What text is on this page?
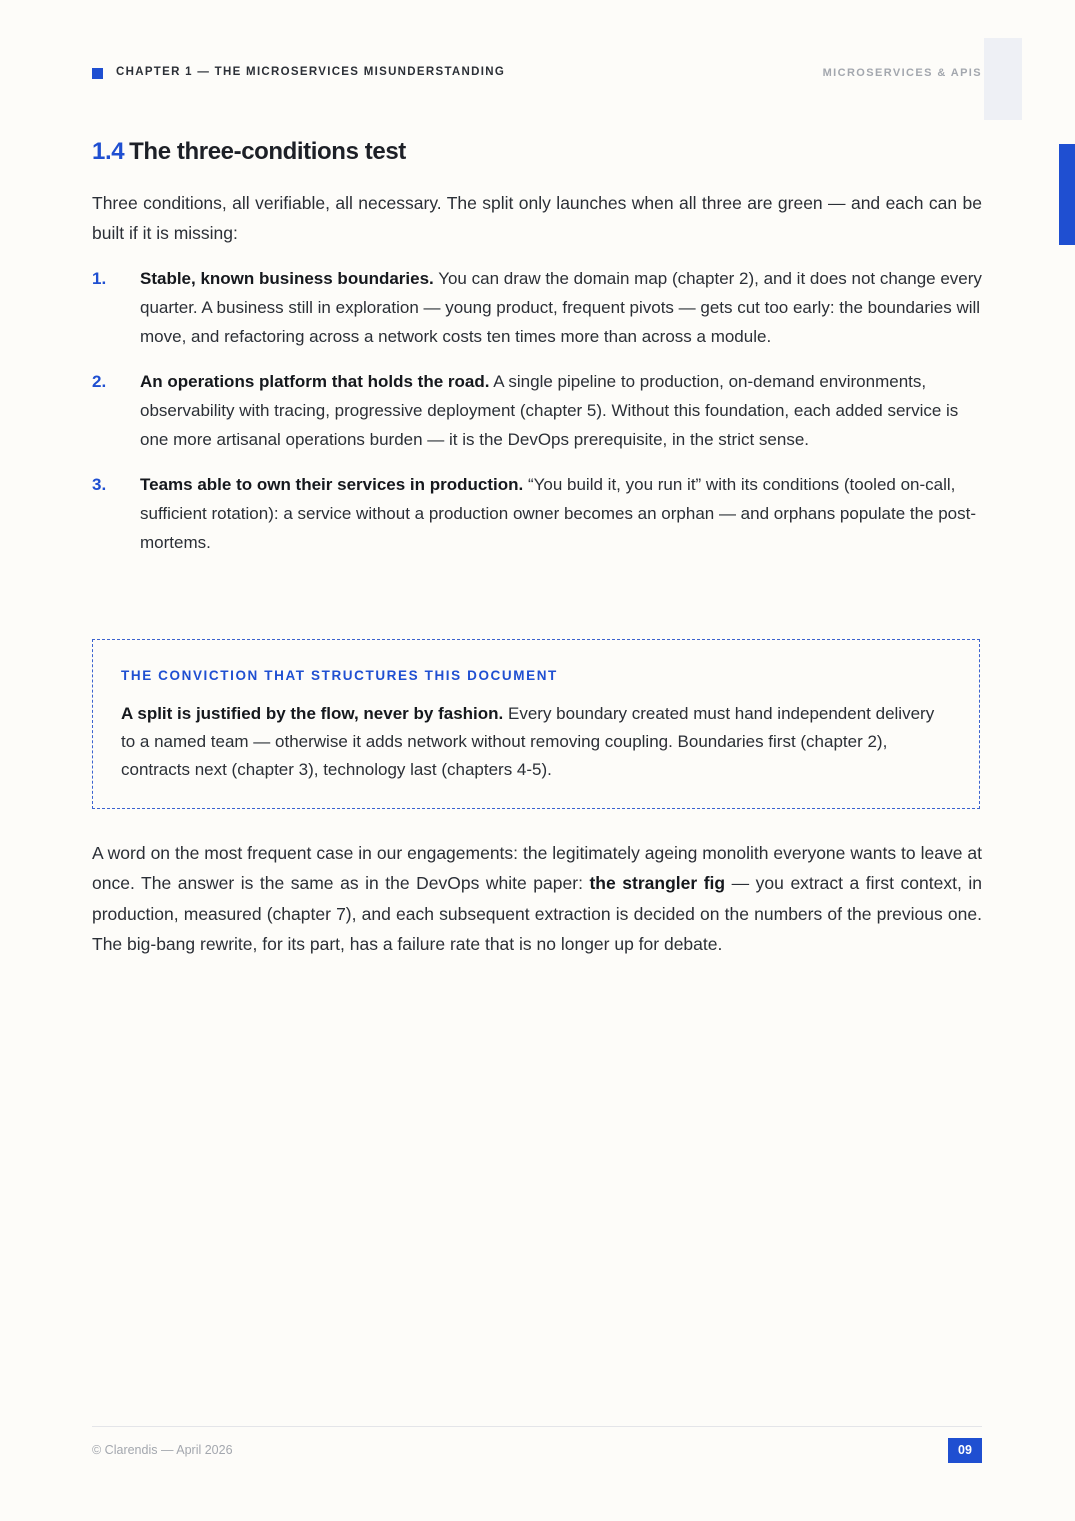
CHAPTER 1 — THE MICROSERVICES MISUNDERSTANDING	MICROSERVICES & APIS
1.4 The three-conditions test
Three conditions, all verifiable, all necessary. The split only launches when all three are green — and each can be built if it is missing:
1. Stable, known business boundaries. You can draw the domain map (chapter 2), and it does not change every quarter. A business still in exploration — young product, frequent pivots — gets cut too early: the boundaries will move, and refactoring across a network costs ten times more than across a module.
2. An operations platform that holds the road. A single pipeline to production, on-demand environments, observability with tracing, progressive deployment (chapter 5). Without this foundation, each added service is one more artisanal operations burden — it is the DevOps prerequisite, in the strict sense.
3. Teams able to own their services in production. “You build it, you run it” with its conditions (tooled on-call, sufficient rotation): a service without a production owner becomes an orphan — and orphans populate the post-mortems.
THE CONVICTION THAT STRUCTURES THIS DOCUMENT
A split is justified by the flow, never by fashion. Every boundary created must hand independent delivery to a named team — otherwise it adds network without removing coupling. Boundaries first (chapter 2), contracts next (chapter 3), technology last (chapters 4-5).
A word on the most frequent case in our engagements: the legitimately ageing monolith everyone wants to leave at once. The answer is the same as in the DevOps white paper: the strangler fig — you extract a first context, in production, measured (chapter 7), and each subsequent extraction is decided on the numbers of the previous one. The big-bang rewrite, for its part, has a failure rate that is no longer up for debate.
© Clarendis — April 2026	09
